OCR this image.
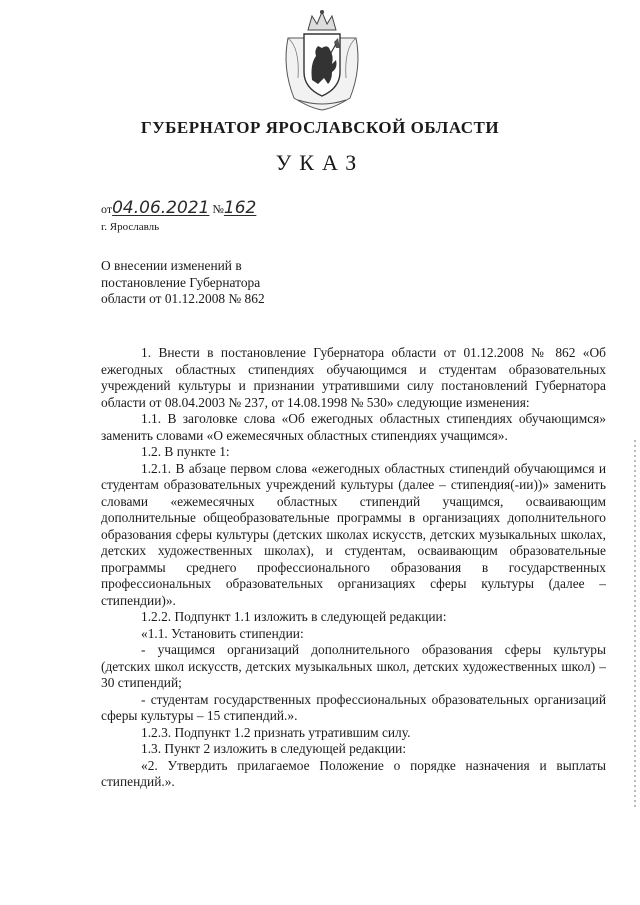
ГУБЕРНАТОР ЯРОСЛАВСКОЙ ОБЛАСТИ
УКАЗ
от04.06.2021 №162
г. Ярославль
О внесении изменений в
постановление Губернатора
области от 01.12.2008 № 862
1. Внести в постановление Губернатора области от 01.12.2008 № 862 «Об ежегодных областных стипендиях обучающимся и студентам образовательных учреждений культуры и признании утратившими силу постановлений Губернатора области от 08.04.2003 № 237, от 14.08.1998 № 530» следующие изменения:
1.1. В заголовке слова «Об ежегодных областных стипендиях обучающимся» заменить словами «О ежемесячных областных стипендиях учащимся».
1.2. В пункте 1:
1.2.1. В абзаце первом слова «ежегодных областных стипендий обучающимся и студентам образовательных учреждений культуры (далее – стипендия(-ии))» заменить словами «ежемесячных областных стипендий учащимся, осваивающим дополнительные общеобразовательные программы в организациях дополнительного образования сферы культуры (детских школах искусств, детских музыкальных школах, детских художественных школах), и студентам, осваивающим образовательные программы среднего профессионального образования в государственных профессиональных образовательных организациях сферы культуры (далее – стипендии)».
1.2.2. Подпункт 1.1 изложить в следующей редакции:
«1.1. Установить стипендии:
- учащимся организаций дополнительного образования сферы культуры (детских школ искусств, детских музыкальных школ, детских художественных школ) – 30 стипендий;
- студентам государственных профессиональных образовательных организаций сферы культуры – 15 стипендий.».
1.2.3. Подпункт 1.2 признать утратившим силу.
1.3. Пункт 2 изложить в следующей редакции:
«2. Утвердить прилагаемое Положение о порядке назначения и выплаты стипендий.».
